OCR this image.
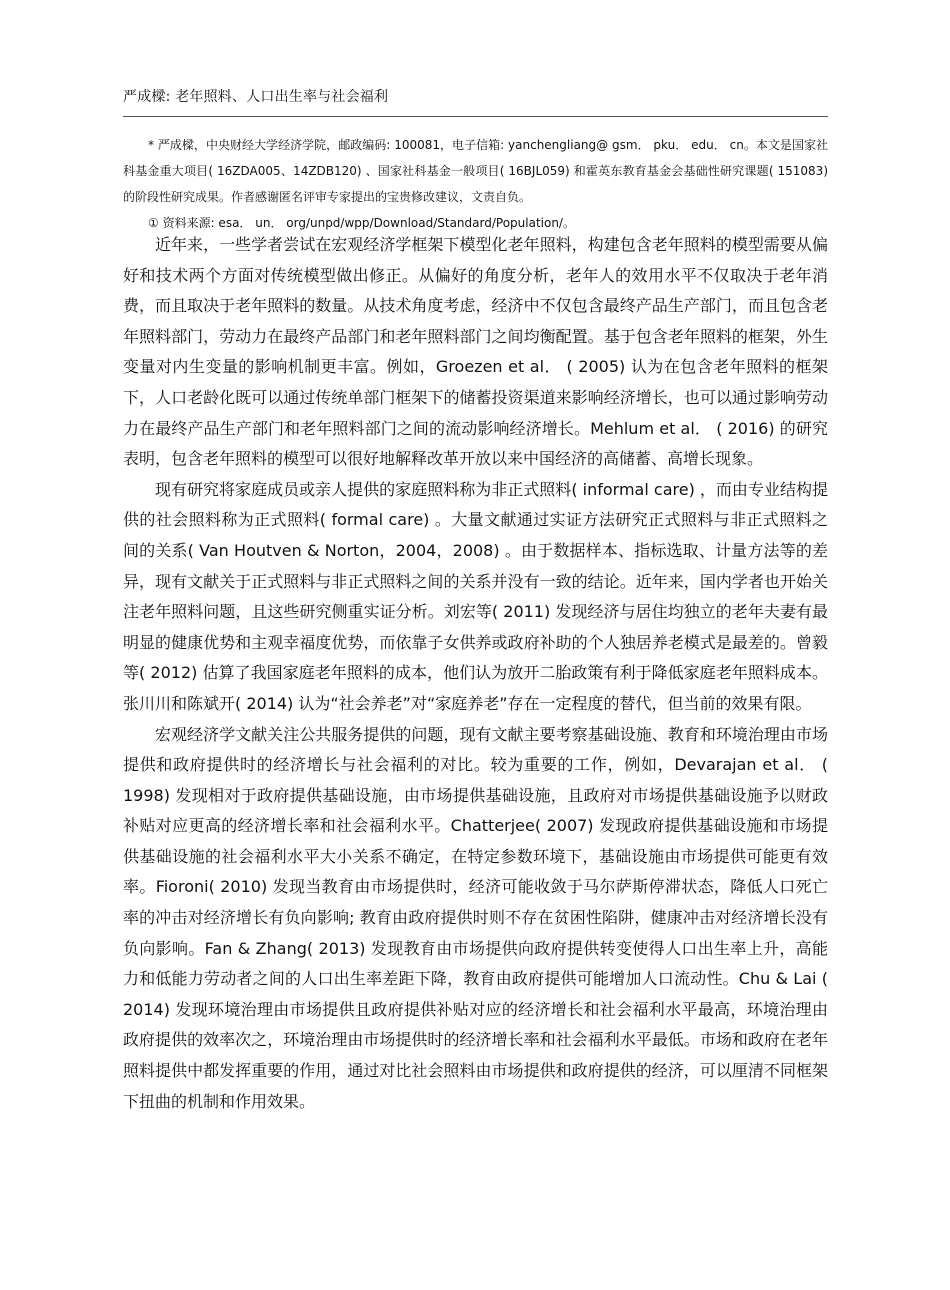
严成樑: 老年照料、人口出生率与社会福利

* 严成樑，中央财经大学经济学院，邮政编码: 100081，电子信箱: yanchengliang@ gsm． pku． edu． cn。本文是国家社科基金重大项目( 16ZDA005、14ZDB120) 、国家社科基金一般项目( 16BJL059) 和霍英东教育基金会基础性研究课题( 151083) 的阶段性研究成果。作者感谢匿名评审专家提出的宝贵修改建议，文责自负。

① 资料来源: esa． un． org/unpd/wpp/Download/Standard/Population/。

近年来，一些学者尝试在宏观经济学框架下模型化老年照料，构建包含老年照料的模型需要从偏好和技术两个方面对传统模型做出修正。从偏好的角度分析，老年人的效用水平不仅取决于老年消费，而且取决于老年照料的数量。从技术角度考虑，经济中不仅包含最终产品生产部门，而且包含老年照料部门，劳动力在最终产品部门和老年照料部门之间均衡配置。基于包含老年照料的框架，外生变量对内生变量的影响机制更丰富。例如，Groezen et al． ( 2005) 认为在包含老年照料的框架下，人口老龄化既可以通过传统单部门框架下的储蓄投资渠道来影响经济增长，也可以通过影响劳动力在最终产品生产部门和老年照料部门之间的流动影响经济增长。Mehlum et al． ( 2016) 的研究表明，包含老年照料的模型可以很好地解释改革开放以来中国经济的高储蓄、高增长现象。

现有研究将家庭成员或亲人提供的家庭照料称为非正式照料( informal care) ，而由专业结构提供的社会照料称为正式照料( formal care) 。大量文献通过实证方法研究正式照料与非正式照料之间的关系( Van Houtven & Norton，2004，2008) 。由于数据样本、指标选取、计量方法等的差异，现有文献关于正式照料与非正式照料之间的关系并没有一致的结论。近年来，国内学者也开始关注老年照料问题，且这些研究侧重实证分析。刘宏等( 2011) 发现经济与居住均独立的老年夫妻有最明显的健康优势和主观幸福度优势，而依靠子女供养或政府补助的个人独居养老模式是最差的。曾毅等( 2012) 估算了我国家庭老年照料的成本，他们认为放开二胎政策有利于降低家庭老年照料成本。张川川和陈斌开( 2014) 认为“社会养老”对“家庭养老”存在一定程度的替代，但当前的效果有限。

宏观经济学文献关注公共服务提供的问题，现有文献主要考察基础设施、教育和环境治理由市场提供和政府提供时的经济增长与社会福利的对比。较为重要的工作，例如，Devarajan et al． ( 1998) 发现相对于政府提供基础设施，由市场提供基础设施，且政府对市场提供基础设施予以财政补贴对应更高的经济增长率和社会福利水平。Chatterjee( 2007) 发现政府提供基础设施和市场提供基础设施的社会福利水平大小关系不确定，在特定参数环境下，基础设施由市场提供可能更有效率。Fioroni( 2010) 发现当教育由市场提供时，经济可能收敛于马尔萨斯停滞状态，降低人口死亡率的冲击对经济增长有负向影响; 教育由政府提供时则不存在贫困性陷阱，健康冲击对经济增长没有负向影响。Fan & Zhang( 2013) 发现教育由市场提供向政府提供转变使得人口出生率上升，高能力和低能力劳动者之间的人口出生率差距下降，教育由政府提供可能增加人口流动性。Chu & Lai ( 2014) 发现环境治理由市场提供且政府提供补贴对应的经济增长和社会福利水平最高，环境治理由政府提供的效率次之，环境治理由市场提供时的经济增长率和社会福利水平最低。市场和政府在老年照料提供中都发挥重要的作用，通过对比社会照料由市场提供和政府提供的经济，可以厘清不同框架下扭曲的机制和作用效果。
